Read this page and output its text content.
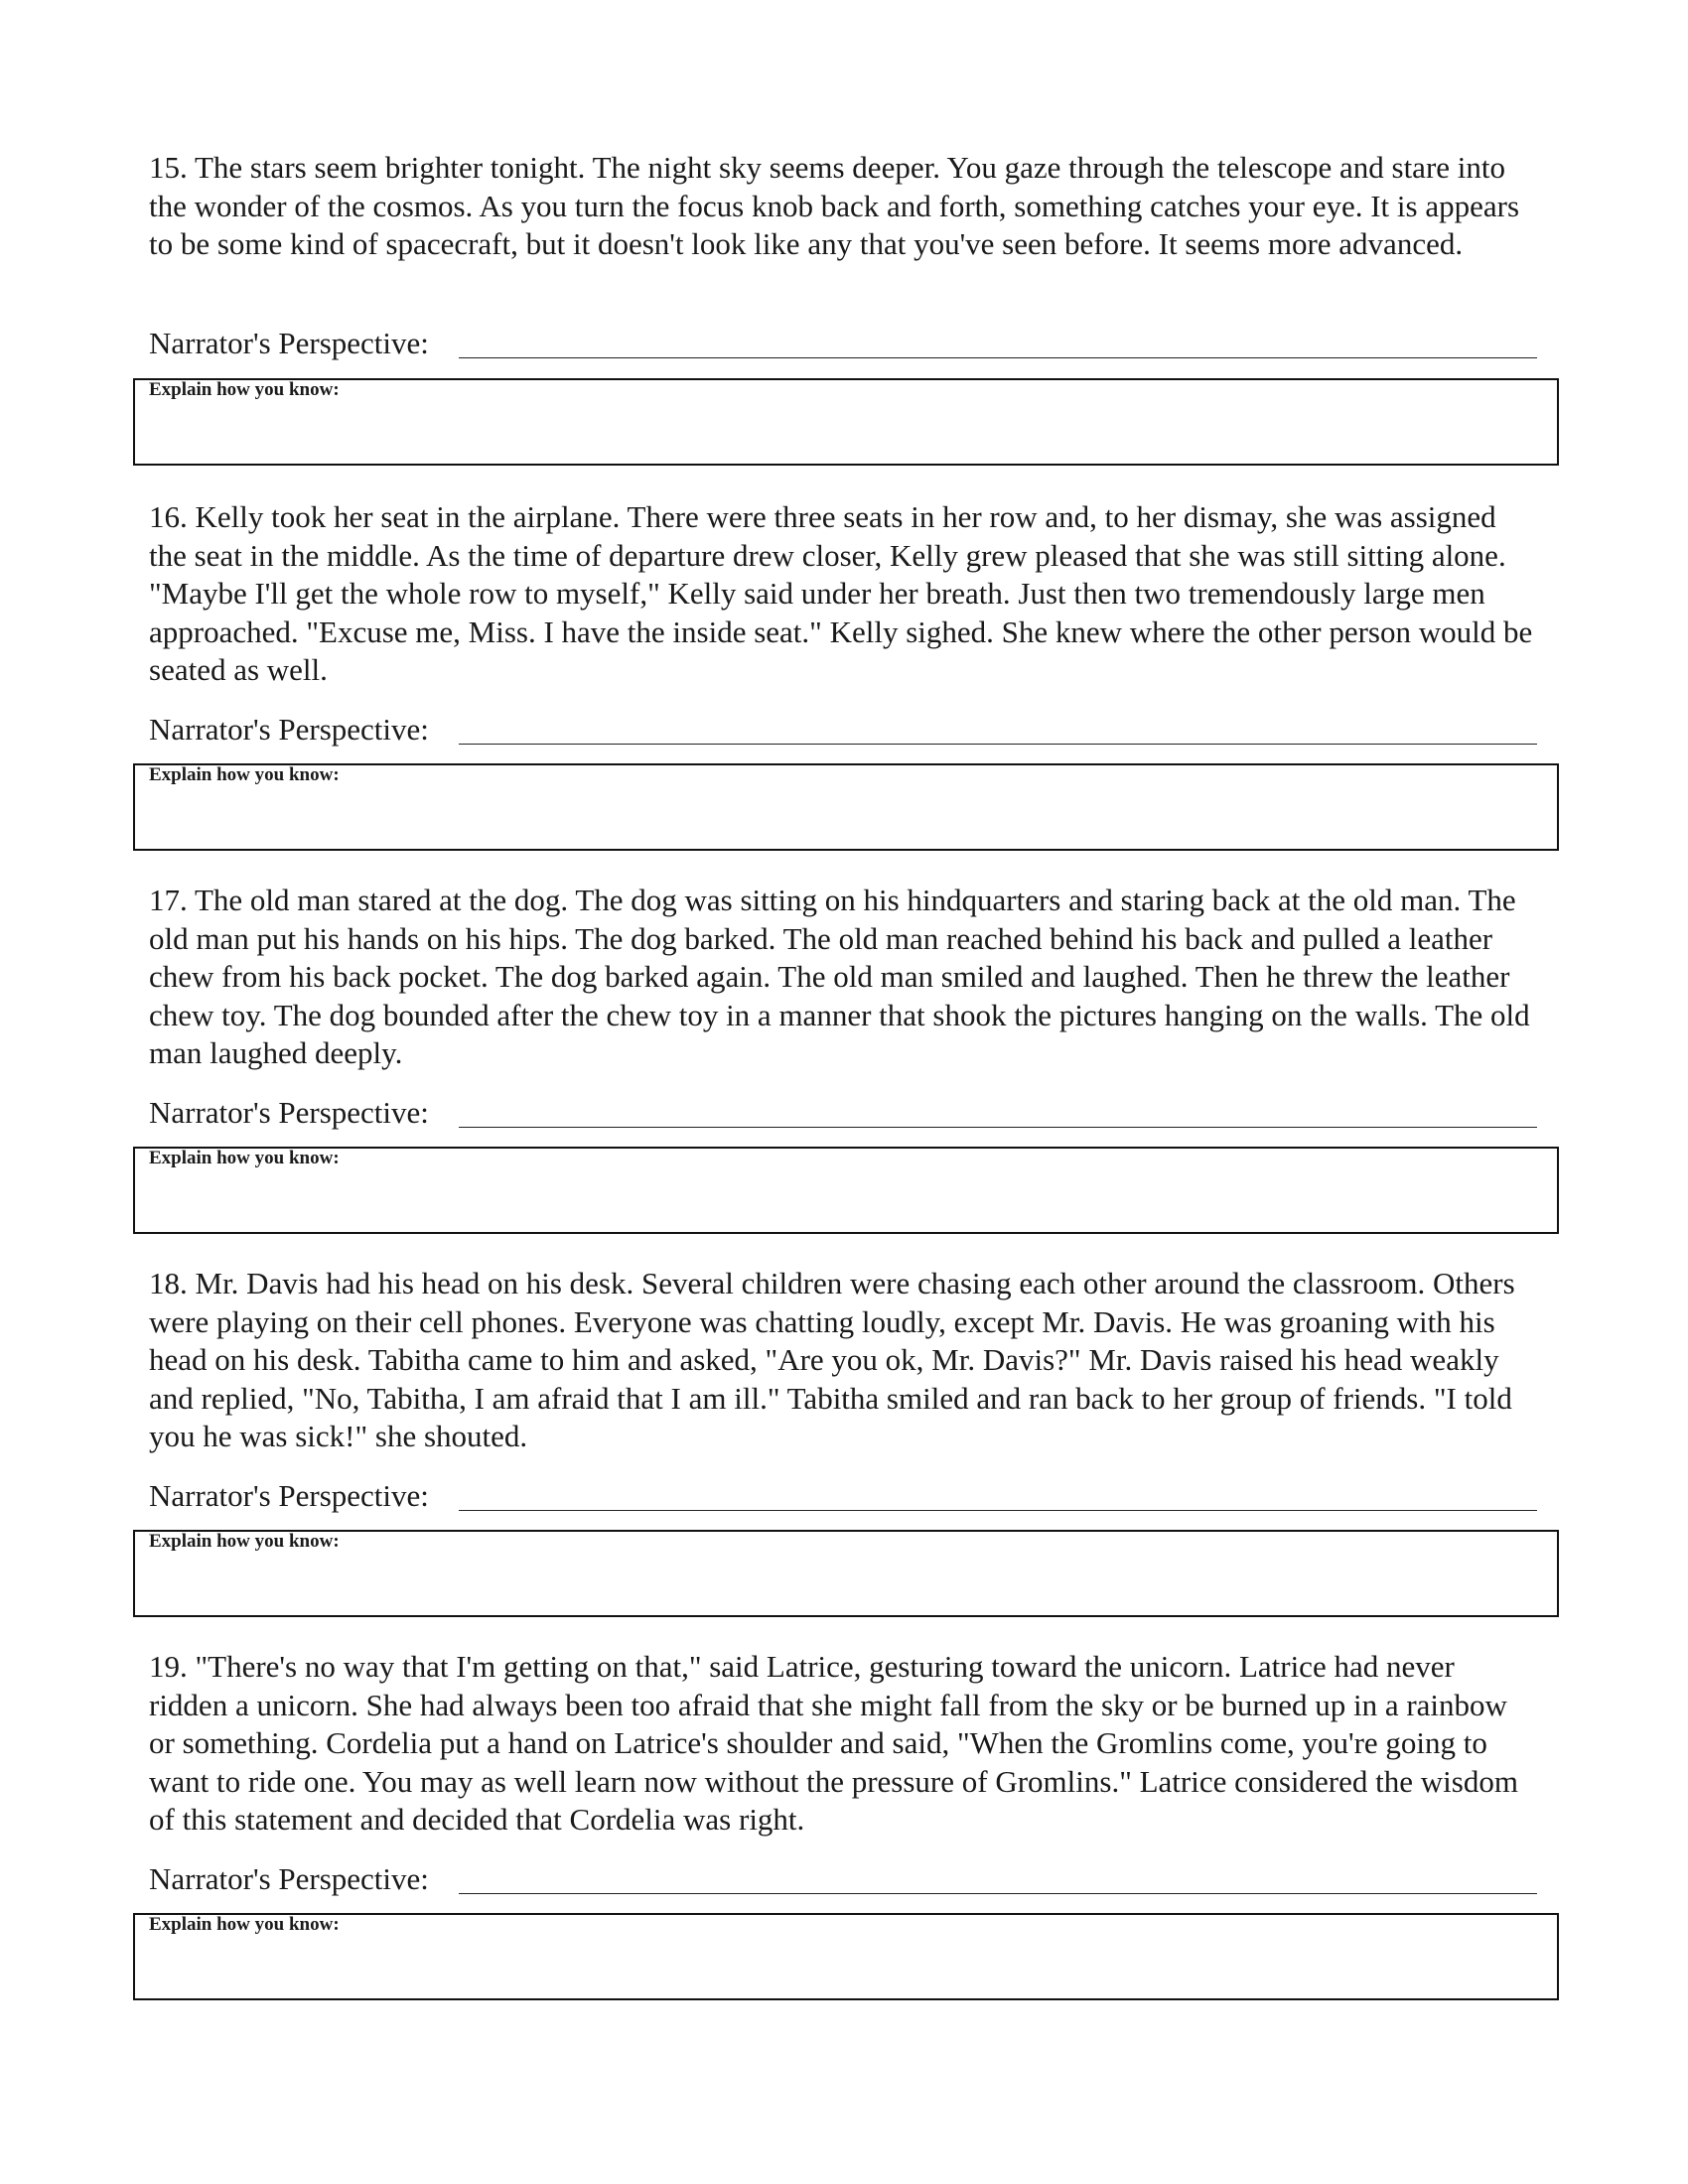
15. The stars seem brighter tonight. The night sky seems deeper. You gaze through the telescope and stare into the wonder of the cosmos. As you turn the focus knob back and forth, something catches your eye. It is appears to be some kind of spacecraft, but it doesn't look like any that you've seen before. It seems more advanced.

Narrator's Perspective:
Explain how you know:

16. Kelly took her seat in the airplane. There were three seats in her row and, to her dismay, she was assigned the seat in the middle. As the time of departure drew closer, Kelly grew pleased that she was still sitting alone. "Maybe I'll get the whole row to myself," Kelly said under her breath. Just then two tremendously large men approached. "Excuse me, Miss. I have the inside seat." Kelly sighed. She knew where the other person would be seated as well.

Narrator's Perspective:
Explain how you know:

17. The old man stared at the dog. The dog was sitting on his hindquarters and staring back at the old man. The old man put his hands on his hips. The dog barked. The old man reached behind his back and pulled a leather chew from his back pocket. The dog barked again. The old man smiled and laughed. Then he threw the leather chew toy. The dog bounded after the chew toy in a manner that shook the pictures hanging on the walls. The old man laughed deeply.

Narrator's Perspective:
Explain how you know:

18. Mr. Davis had his head on his desk. Several children were chasing each other around the classroom. Others were playing on their cell phones. Everyone was chatting loudly, except Mr. Davis. He was groaning with his head on his desk. Tabitha came to him and asked, "Are you ok, Mr. Davis?" Mr. Davis raised his head weakly and replied, "No, Tabitha, I am afraid that I am ill." Tabitha smiled and ran back to her group of friends. "I told you he was sick!" she shouted.

Narrator's Perspective:
Explain how you know:

19. "There's no way that I'm getting on that," said Latrice, gesturing toward the unicorn. Latrice had never ridden a unicorn. She had always been too afraid that she might fall from the sky or be burned up in a rainbow or something. Cordelia put a hand on Latrice's shoulder and said, "When the Gromlins come, you're going to want to ride one. You may as well learn now without the pressure of Gromlins." Latrice considered the wisdom of this statement and decided that Cordelia was right.

Narrator's Perspective:
Explain how you know:
